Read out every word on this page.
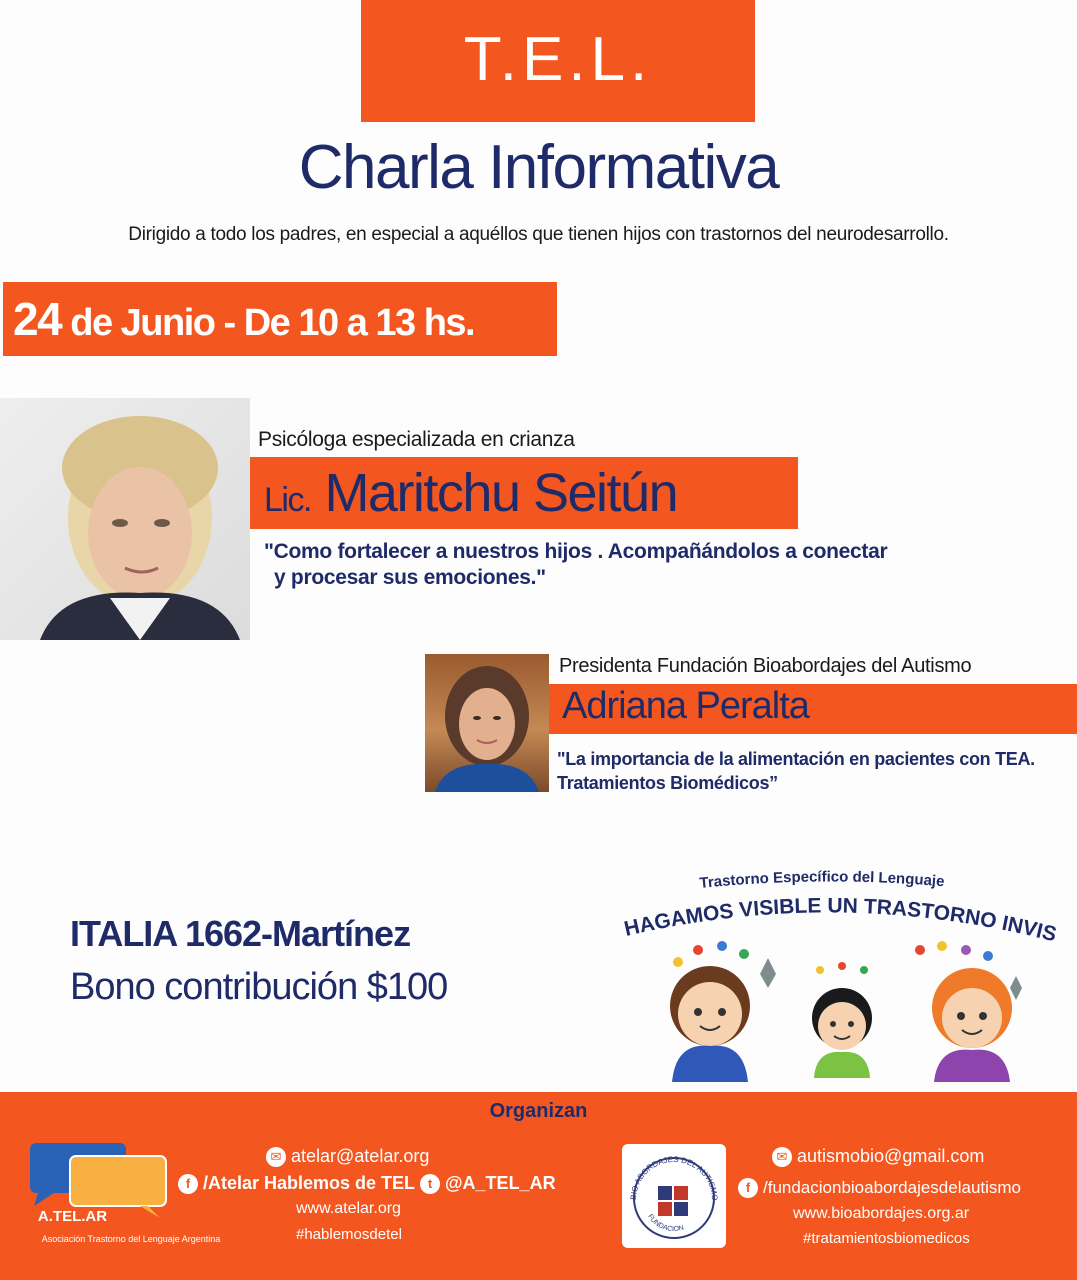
T.E.L.
Charla Informativa
Dirigido a todo los padres, en especial a aquéllos que tienen hijos con trastornos del neurodesarrollo.
24 de Junio - De 10 a 13 hs.
Psicóloga especializada en crianza
Lic. Maritchu Seitún
"Como fortalecer a nuestros hijos . Acompañándolos a conectar
y procesar sus emociones."
Presidenta Fundación Bioabordajes del Autismo
Adriana Peralta
"La importancia de la alimentación en pacientes con TEA.
Tratamientos Biomédicos”
ITALIA 1662-Martínez
Bono contribución $100
Trastorno Específico del Lenguaje
HAGAMOS VISIBLE UN TRASTORNO INVIS
Organizan
A.TEL.AR
Asociación Trastorno del Lenguaje Argentina
✉ atelar@atelar.org
f /Atelar Hablemos de TEL t @A_TEL_AR
www.atelar.org
#hablemosdetel
BIO ABORDAJES DEL AUTISMO
FUNDACION
✉ autismobio@gmail.com
f /fundacionbioabordajesdelautismo
www.bioabordajes.org.ar
#tratamientosbiomedicos
